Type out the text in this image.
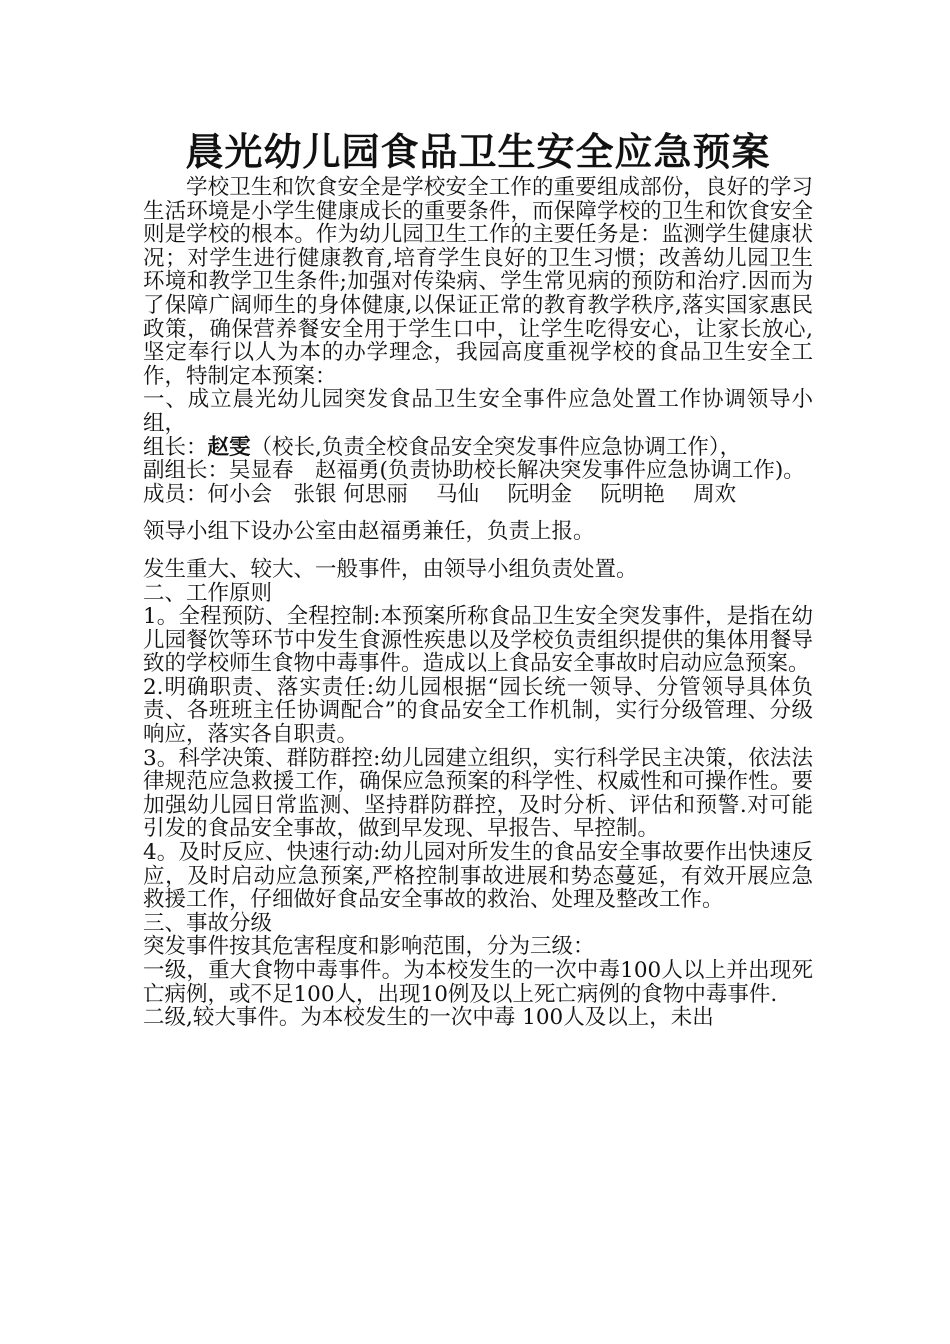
晨光幼儿园食品卫生安全应急预案

学校卫生和饮食安全是学校安全工作的重要组成部份，良好的学习生活环境是小学生健康成长的重要条件，而保障学校的卫生和饮食安全则是学校的根本。作为幼儿园卫生工作的主要任务是：监测学生健康状况；对学生进行健康教育,培育学生良好的卫生习惯；改善幼儿园卫生环境和教学卫生条件;加强对传染病、学生常见病的预防和治疗.因而为了保障广阔师生的身体健康,以保证正常的教育教学秩序,落实国家惠民政策，确保营养餐安全用于学生口中，让学生吃得安心，让家长放心,坚定奉行以人为本的办学理念，我园高度重视学校的食品卫生安全工作，特制定本预案：

一、成立晨光幼儿园突发食品卫生安全事件应急处置工作协调领导小组，

组长：赵雯（校长,负责全校食品安全突发事件应急协调工作），

副组长：吴显春　赵福勇(负责协助校长解决突发事件应急协调工作)。

成员：何小会　张银 何思丽　 马仙　 阮明金　 阮明艳　 周欢

领导小组下设办公室由赵福勇兼任，负责上报。

发生重大、较大、一般事件，由领导小组负责处置。

二、工作原则

1。全程预防、全程控制:本预案所称食品卫生安全突发事件，是指在幼儿园餐饮等环节中发生食源性疾患以及学校负责组织提供的集体用餐导致的学校师生食物中毒事件。造成以上食品安全事故时启动应急预案。

2.明确职责、落实责任:幼儿园根据“园长统一领导、分管领导具体负责、各班班主任协调配合”的食品安全工作机制，实行分级管理、分级响应，落实各自职责。

3。科学决策、群防群控:幼儿园建立组织，实行科学民主决策，依法法律规范应急救援工作，确保应急预案的科学性、权威性和可操作性。要加强幼儿园日常监测、坚持群防群控，及时分析、评估和预警.对可能引发的食品安全事故，做到早发现、早报告、早控制。

4。及时反应、快速行动:幼儿园对所发生的食品安全事故要作出快速反应，及时启动应急预案,严格控制事故进展和势态蔓延，有效开展应急救援工作，仔细做好食品安全事故的救治、处理及整改工作。

三、事故分级

突发事件按其危害程度和影响范围，分为三级：

一级，重大食物中毒事件。为本校发生的一次中毒100人以上并出现死亡病例，或不足100人，出现10例及以上死亡病例的食物中毒事件.

二级,较大事件。为本校发生的一次中毒 100人及以上，未出
